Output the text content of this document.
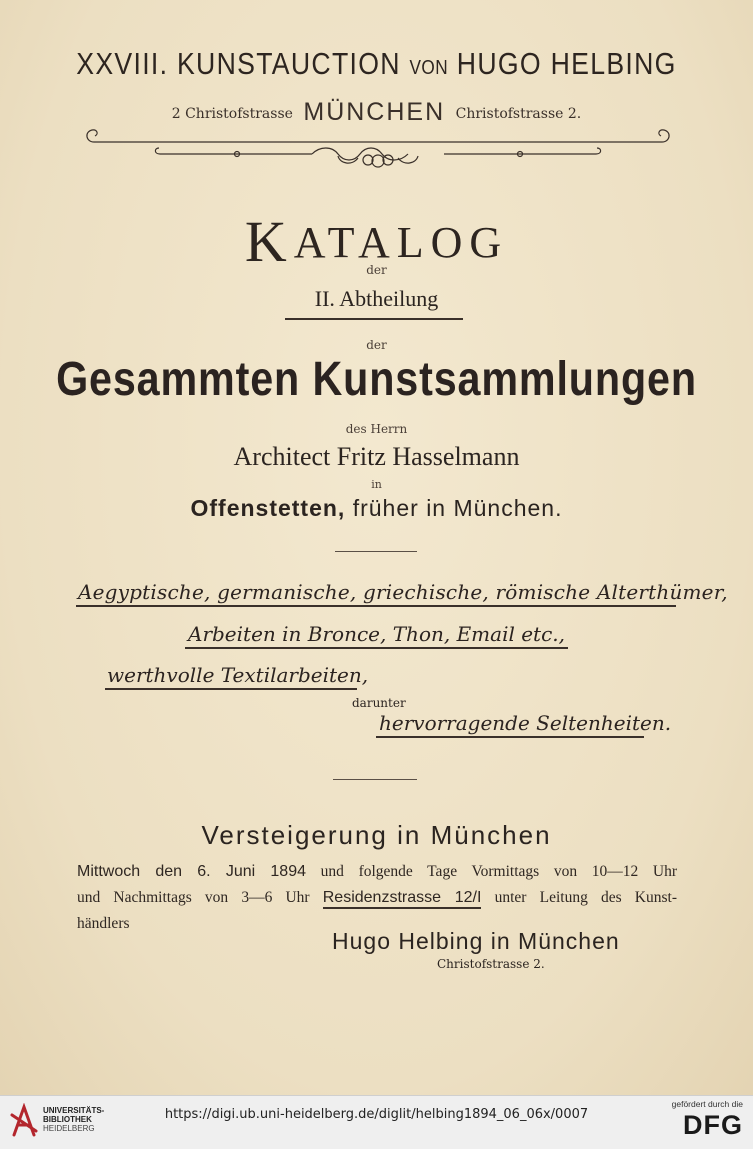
XXVIII. KUNSTAUCTION VON HUGO HELBING
2 Christofstrasse MÜNCHEN Christofstrasse 2.
KATALOG
der
II. Abtheilung
der
Gesammten Kunstsammlungen
des Herrn
Architect Fritz Hasselmann
in
Offenstetten, früher in München.
Aegyptische, germanische, griechische, römische Alterthümer,
Arbeiten in Bronce, Thon, Email etc.,
werthvolle Textilarbeiten,
darunter
hervorragende Seltenheiten.
Versteigerung in München
Mittwoch den 6. Juni 1894 und folgende Tage Vormittags von 10—12 Uhr
und Nachmittags von 3—6 Uhr Residenzstrasse 12/I unter Leitung des Kunst-
händlers
Hugo Helbing in München
Christofstrasse 2.
UNIVERSITÄTS-
BIBLIOTHEK
HEIDELBERG
https://digi.ub.uni-heidelberg.de/diglit/helbing1894_06_06x/0007
gefördert durch die
DFG
